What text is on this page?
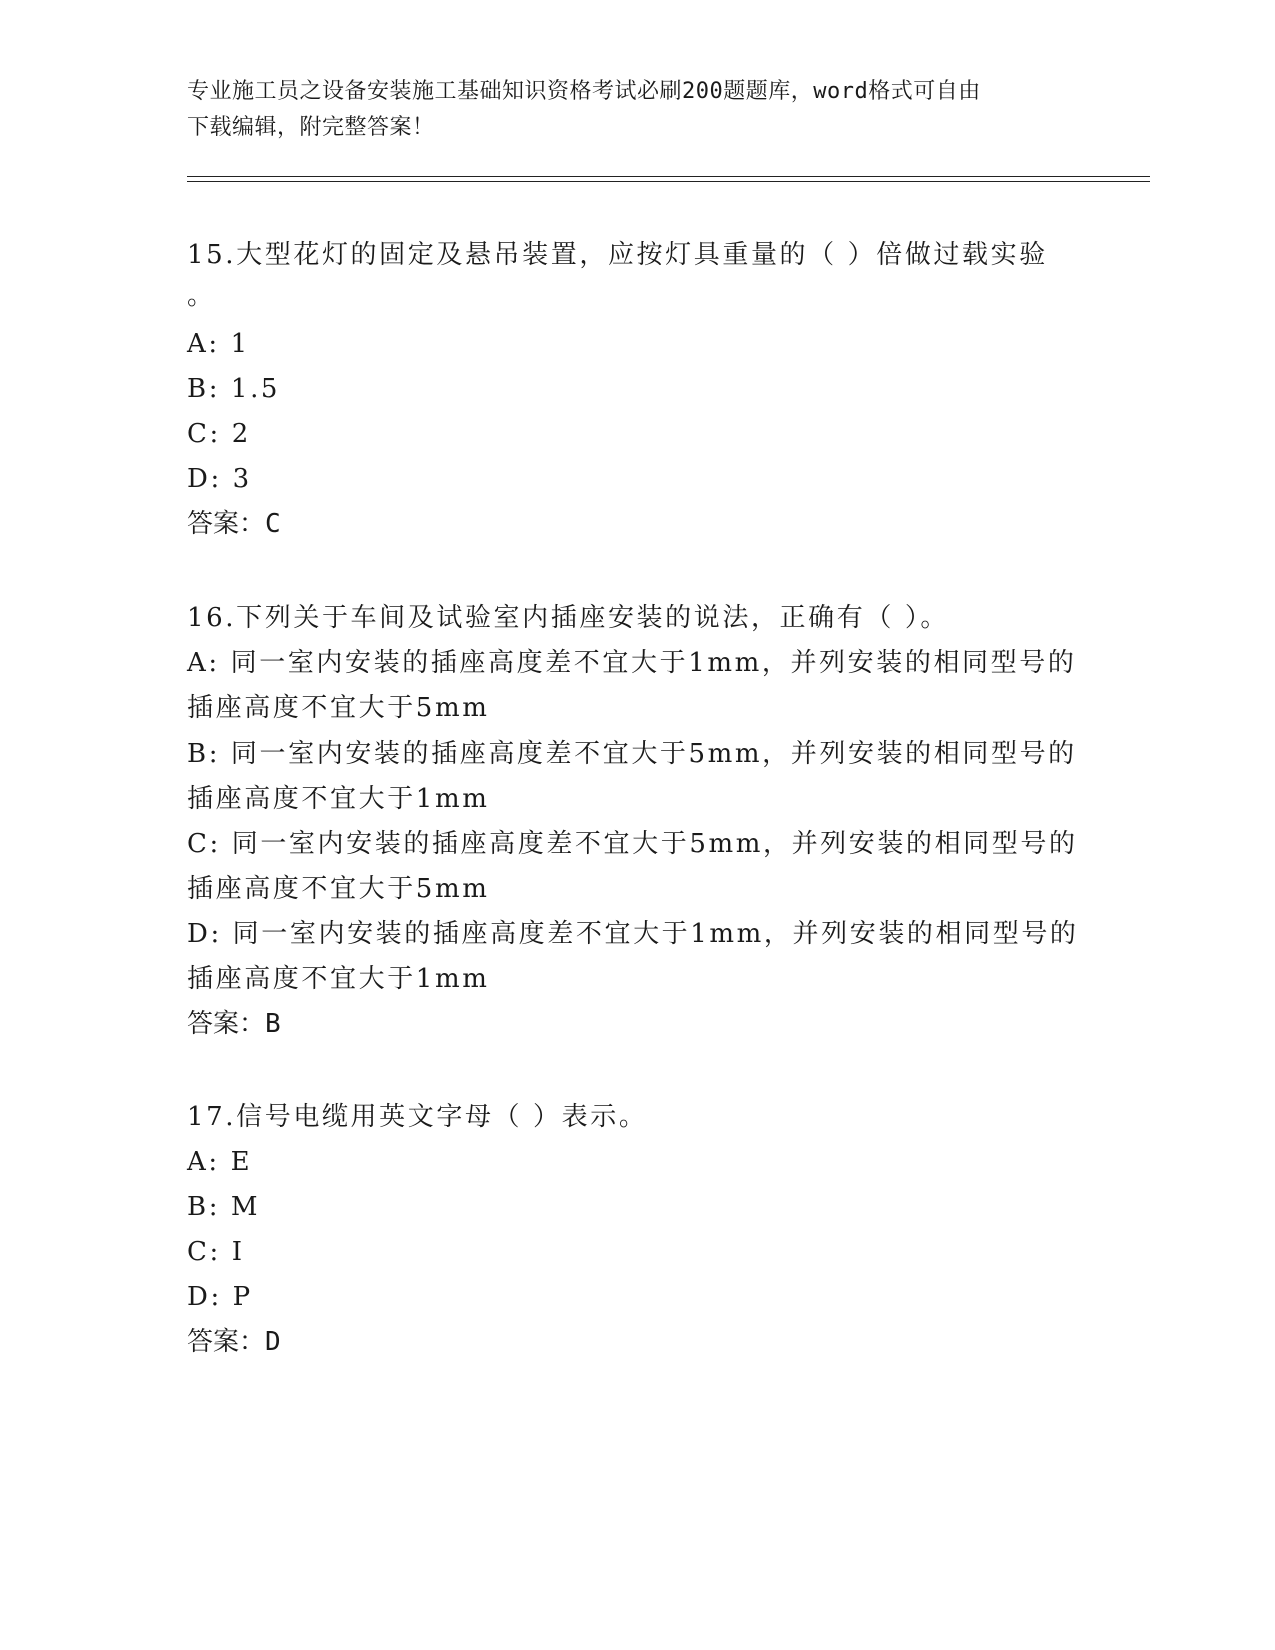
专业施工员之设备安装施工基础知识资格考试必刷200题题库，word格式可自由
下载编辑，附完整答案！
15.大型花灯的固定及悬吊装置，应按灯具重量的（ ）倍做过载实验
。
A: 1
B: 1.5
C: 2
D: 3
答案：C
16.下列关于车间及试验室内插座安装的说法，正确有（ ）。
A: 同一室内安装的插座高度差不宜大于1mm，并列安装的相同型号的
插座高度不宜大于5mm
B: 同一室内安装的插座高度差不宜大于5mm，并列安装的相同型号的
插座高度不宜大于1mm
C: 同一室内安装的插座高度差不宜大于5mm，并列安装的相同型号的
插座高度不宜大于5mm
D: 同一室内安装的插座高度差不宜大于1mm，并列安装的相同型号的
插座高度不宜大于1mm
答案：B
17.信号电缆用英文字母（ ）表示。
A: E
B: M
C: I
D: P
答案：D
